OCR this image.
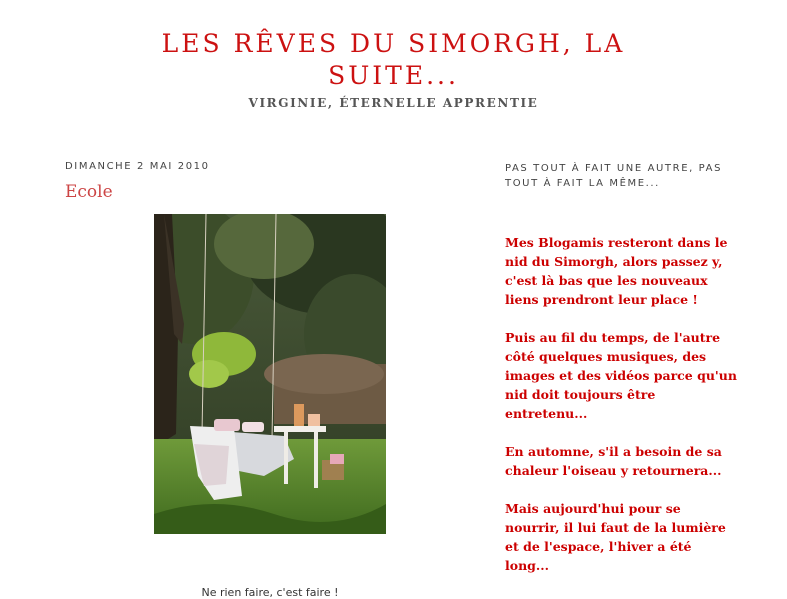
LES RÊVES DU SIMORGH, LA SUITE...
VIRGINIE, ÉTERNELLE APPRENTIE
DIMANCHE 2 MAI 2010
Ecole
Ne rien faire, c'est faire !
PAS TOUT À FAIT UNE AUTRE, PAS TOUT À FAIT LA MÊME...

Mes Blogamis resteront dans le nid du Simorgh, alors passez y, c'est là bas que les nouveaux liens prendront leur place !

Puis au fil du temps, de l'autre côté quelques musiques, des images et des vidéos parce qu'un nid doit toujours être entretenu...

En automne, s'il a besoin de sa chaleur l'oiseau y retournera...

Mais aujourd'hui pour se nourrir, il lui faut de la lumière et de l'espace, l'hiver a été long...
